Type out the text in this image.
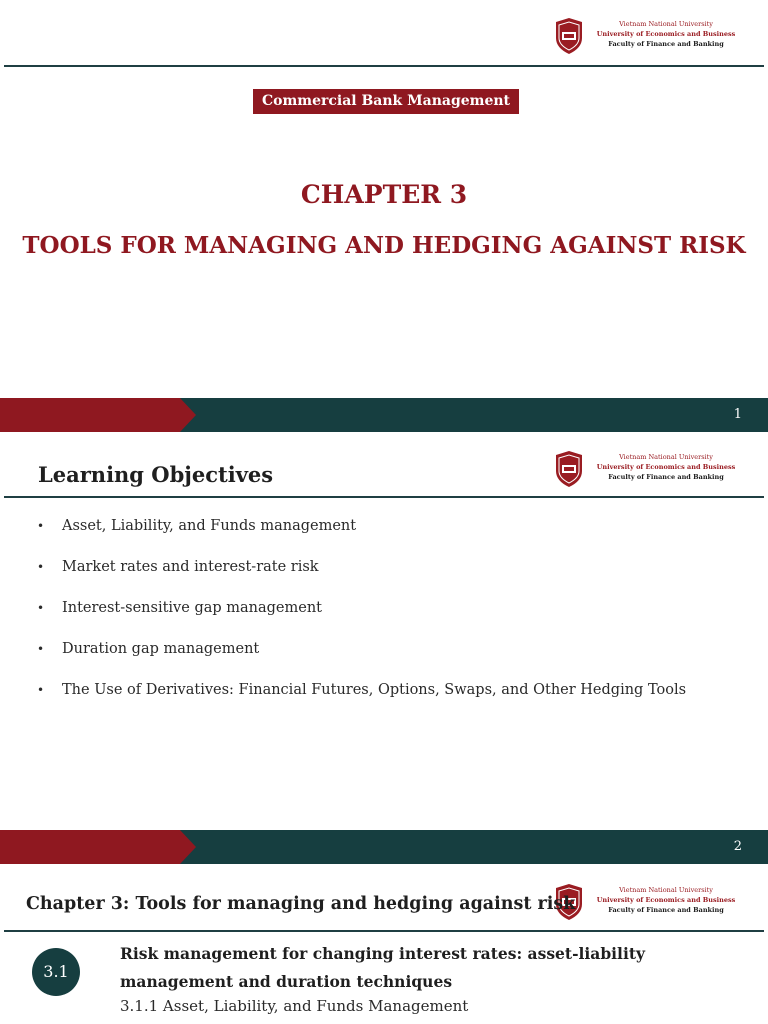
Vietnam National University
University of Economics and Business
Faculty of Finance and Banking
Commercial Bank Management
CHAPTER 3
TOOLS FOR MANAGING AND HEDGING AGAINST RISK
1
Vietnam National University
University of Economics and Business
Faculty of Finance and Banking
Learning Objectives
• Asset, Liability, and Funds management
• Market rates and interest-rate risk
• Interest-sensitive gap management
• Duration gap management
• The Use of Derivatives: Financial Futures, Options, Swaps, and Other Hedging Tools
2
Vietnam National University
University of Economics and Business
Faculty of Finance and Banking
Chapter 3: Tools for managing and hedging against risk
3.1
Risk management for changing interest rates: asset-liability management and duration techniques
3.1.1 Asset, Liability, and Funds Management
